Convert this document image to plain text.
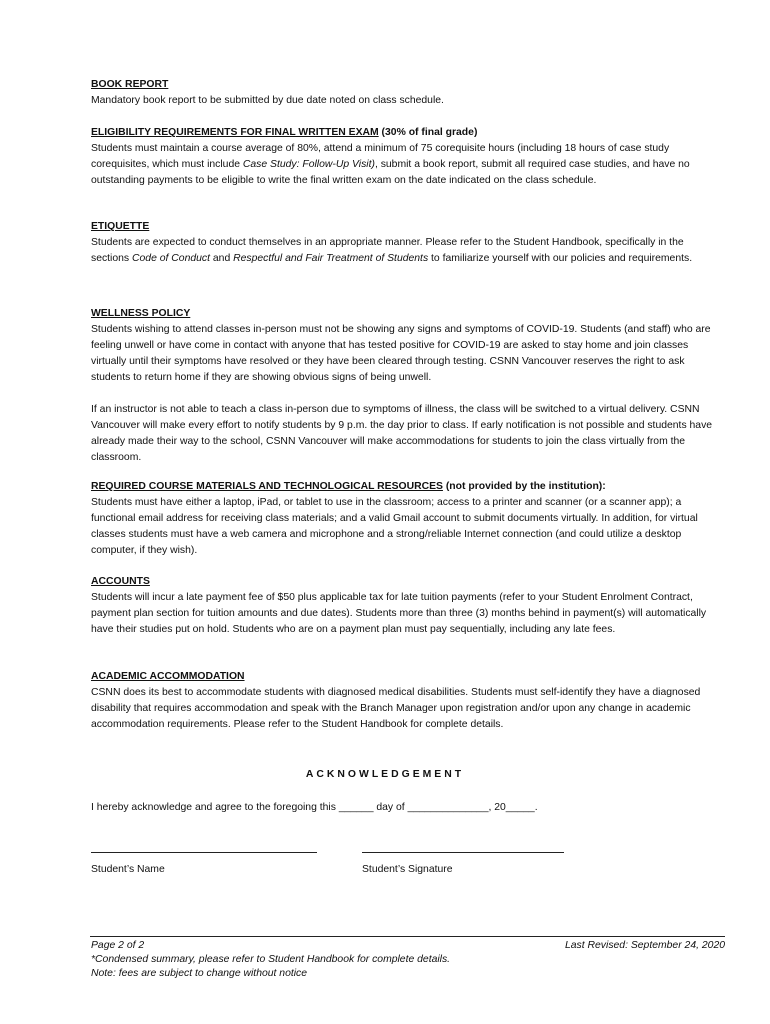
BOOK REPORT

Mandatory book report to be submitted by due date noted on class schedule.

ELIGIBILITY REQUIREMENTS FOR FINAL WRITTEN EXAM (30% of final grade)

Students must maintain a course average of 80%, attend a minimum of 75 corequisite hours (including 18 hours of case study corequisites, which must include Case Study: Follow-Up Visit), submit a book report, submit all required case studies, and have no outstanding payments to be eligible to write the final written exam on the date indicated on the class schedule.

ETIQUETTE

Students are expected to conduct themselves in an appropriate manner. Please refer to the Student Handbook, specifically in the sections Code of Conduct and Respectful and Fair Treatment of Students to familiarize yourself with our policies and requirements.

WELLNESS POLICY

Students wishing to attend classes in-person must not be showing any signs and symptoms of COVID-19. Students (and staff) who are feeling unwell or have come in contact with anyone that has tested positive for COVID-19 are asked to stay home and join classes virtually until their symptoms have resolved or they have been cleared through testing. CSNN Vancouver reserves the right to ask students to return home if they are showing obvious signs of being unwell.

If an instructor is not able to teach a class in-person due to symptoms of illness, the class will be switched to a virtual delivery. CSNN Vancouver will make every effort to notify students by 9 p.m. the day prior to class. If early notification is not possible and students have already made their way to the school, CSNN Vancouver will make accommodations for students to join the class virtually from the classroom.

REQUIRED COURSE MATERIALS AND TECHNOLOGICAL RESOURCES (not provided by the institution):

Students must have either a laptop, iPad, or tablet to use in the classroom; access to a printer and scanner (or a scanner app); a functional email address for receiving class materials; and a valid Gmail account to submit documents virtually. In addition, for virtual classes students must have a web camera and microphone and a strong/reliable Internet connection (and could utilize a desktop computer, if they wish).

ACCOUNTS

Students will incur a late payment fee of $50 plus applicable tax for late tuition payments (refer to your Student Enrolment Contract, payment plan section for tuition amounts and due dates). Students more than three (3) months behind in payment(s) will automatically have their studies put on hold. Students who are on a payment plan must pay sequentially, including any late fees.

ACADEMIC ACCOMMODATION

CSNN does its best to accommodate students with diagnosed medical disabilities. Students must self-identify they have a diagnosed disability that requires accommodation and speak with the Branch Manager upon registration and/or upon any change in academic accommodation requirements. Please refer to the Student Handbook for complete details.

ACKNOWLEDGEMENT
I hereby acknowledge and agree to the foregoing this ______ day of ______________, 20_____.
Student’s Name	Student’s Signature
Page 2 of 2	Last Revised: September 24, 2020
*Condensed summary, please refer to Student Handbook for complete details.
Note: fees are subject to change without notice
